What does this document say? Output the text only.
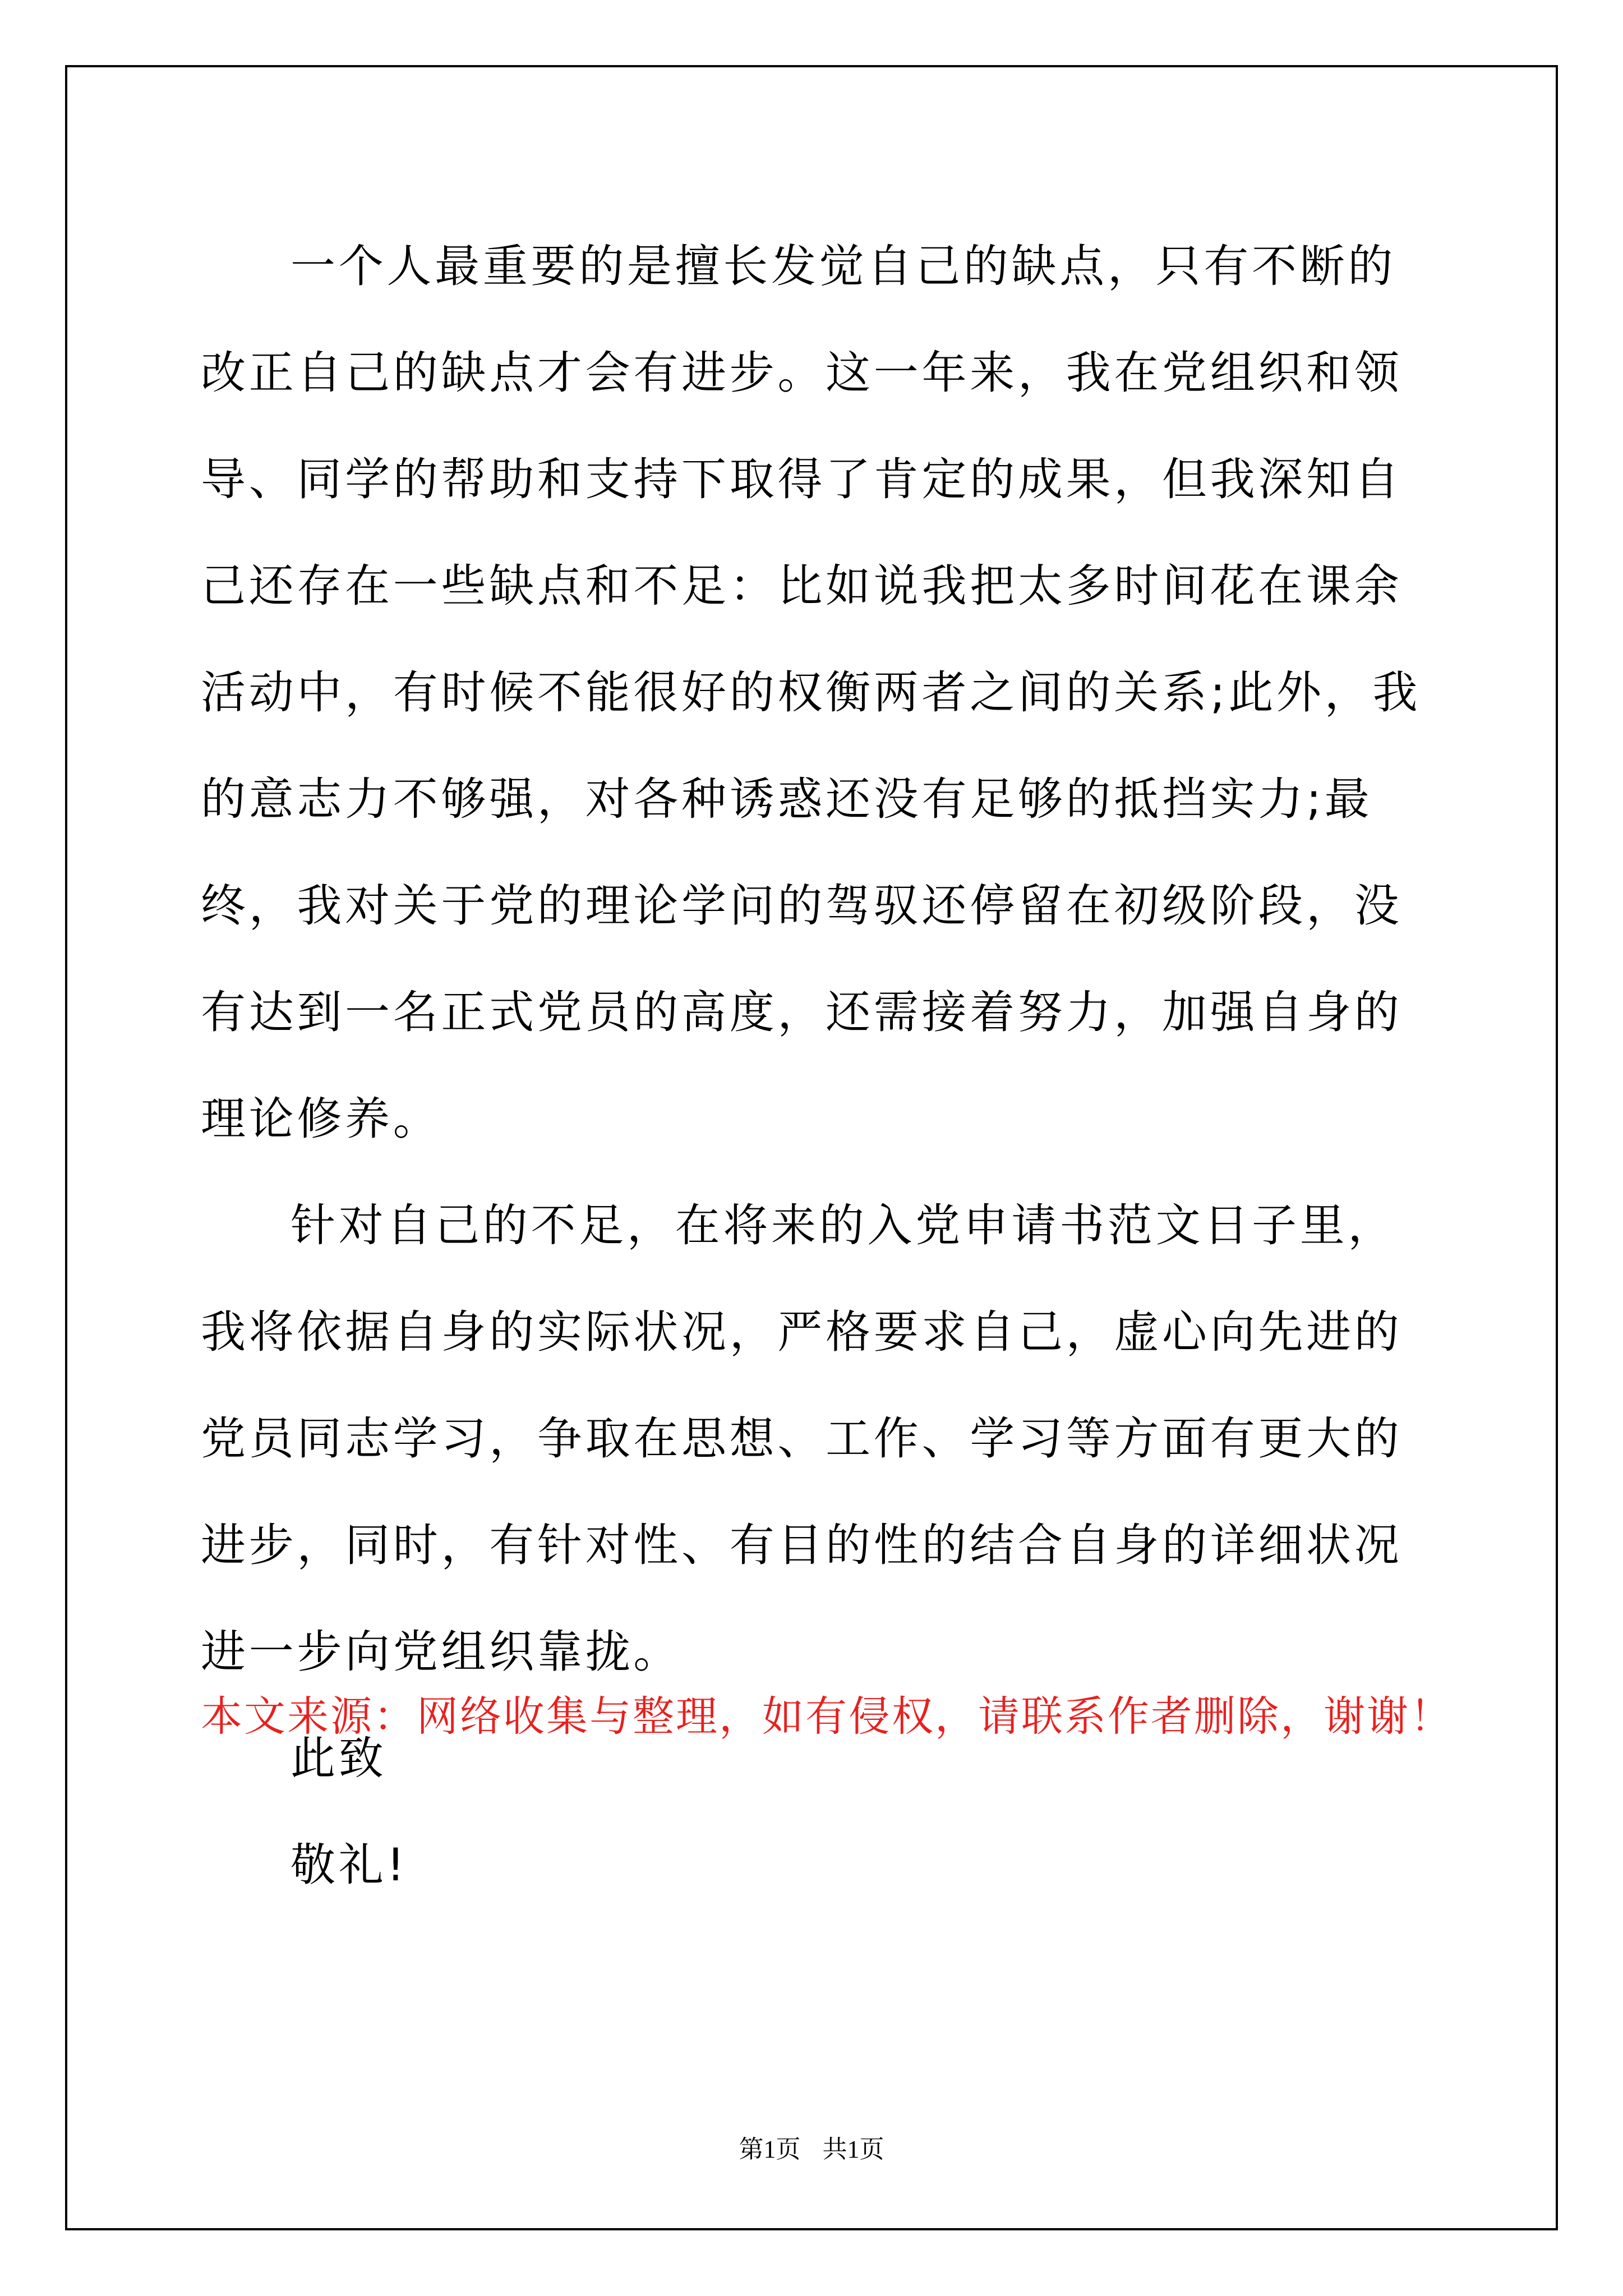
一个人最重要的是擅长发觉自己的缺点，只有不断的改正自己的缺点才会有进步。这一年来，我在党组织和领导、同学的帮助和支持下取得了肯定的成果，但我深知自己还存在一些缺点和不足：比如说我把太多时间花在课余活动中，有时候不能很好的权衡两者之间的关系;此外，我的意志力不够强，对各种诱惑还没有足够的抵挡实力;最终，我对关于党的理论学问的驾驭还停留在初级阶段，没有达到一名正式党员的高度，还需接着努力，加强自身的理论修养。

针对自己的不足，在将来的入党申请书范文日子里，我将依据自身的实际状况，严格要求自己，虚心向先进的党员同志学习，争取在思想、工作、学习等方面有更大的进步，同时，有针对性、有目的性的结合自身的详细状况进一步向党组织靠拢。

此致

敬礼!

本文来源：网络收集与整理，如有侵权，请联系作者删除，谢谢！

第1页 共1页
